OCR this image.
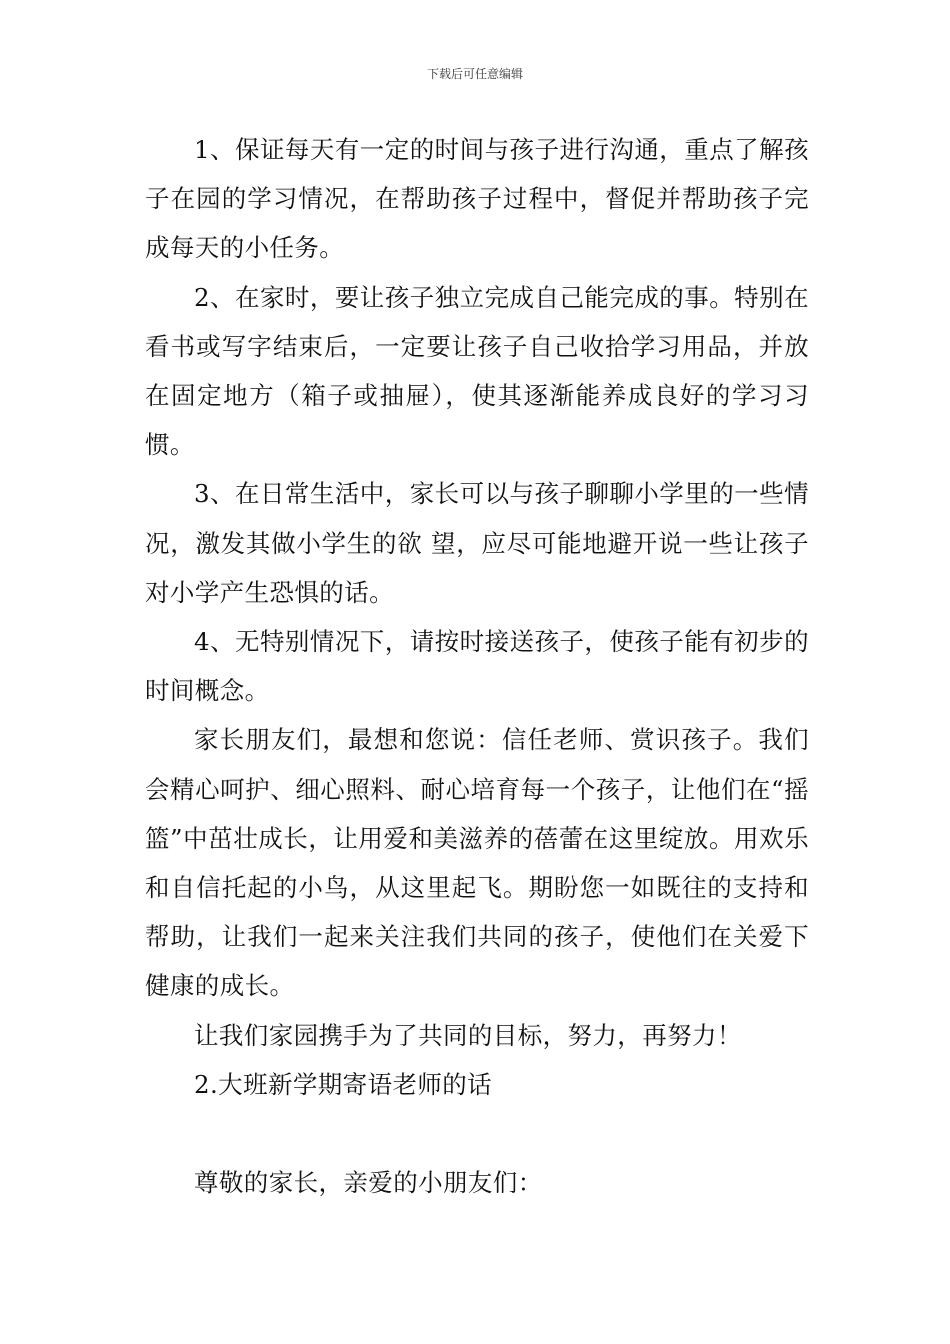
下载后可任意编辑

1、保证每天有一定的时间与孩子进行沟通，重点了解孩子在园的学习情况，在帮助孩子过程中，督促并帮助孩子完成每天的小任务。

2、在家时，要让孩子独立完成自己能完成的事。特别在看书或写字结束后，一定要让孩子自己收拾学习用品，并放在固定地方（箱子或抽屉），使其逐渐能养成良好的学习习惯。

3、在日常生活中，家长可以与孩子聊聊小学里的一些情况，激发其做小学生的欲 望，应尽可能地避开说一些让孩子对小学产生恐惧的话。

4、无特别情况下，请按时接送孩子，使孩子能有初步的时间概念。

家长朋友们，最想和您说：信任老师、赏识孩子。我们会精心呵护、细心照料、耐心培育每一个孩子，让他们在“摇篮”中茁壮成长，让用爱和美滋养的蓓蕾在这里绽放。用欢乐和自信托起的小鸟，从这里起飞。期盼您一如既往的支持和帮助，让我们一起来关注我们共同的孩子，使他们在关爱下健康的成长。

让我们家园携手为了共同的目标，努力，再努力！

2.大班新学期寄语老师的话

尊敬的家长，亲爱的小朋友们：
